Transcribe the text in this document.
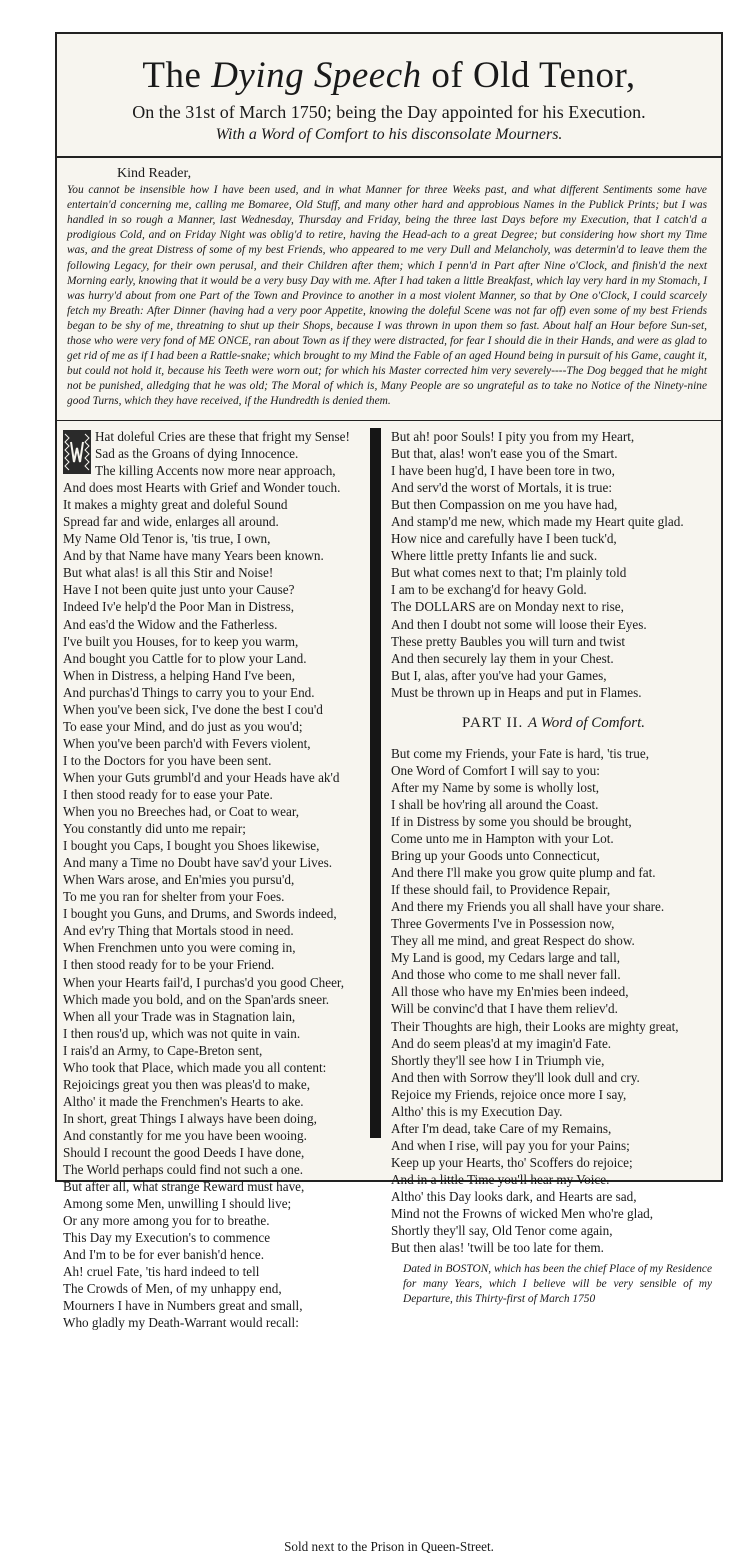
The Dying Speech of Old Tenor,
On the 31st of March 1750; being the Day appointed for his Execution.
With a Word of Comfort to his disconsolate Mourners.
Kind Reader,
You cannot be insensible how I have been used, and in what Manner for three Weeks past, and what different Sentiments some have entertain'd concerning me, calling me Bomaree, Old Stuff, and many other hard and approbious Names in the Publick Prints; but I was handled in so rough a Manner, last Wednesday, Thursday and Friday, being the three last Days before my Execution, that I catch'd a prodigious Cold, and on Friday Night was oblig'd to retire, having the Head-ach to a great Degree; but considering how short my Time was, and the great Distress of some of my best Friends, who appeared to me very Dull and Melancholy, was determin'd to leave them the following Legacy, for their own perusal, and their Children after them; which I penn'd in Part after Nine o'Clock, and finish'd the next Morning early, knowing that it would be a very busy Day with me. After I had taken a little Breakfast, which lay very hard in my Stomach, I was hurry'd about from one Part of the Town and Province to another in a most violent Manner, so that by One o'Clock, I could scarcely fetch my Breath: After Dinner (having had a very poor Appetite, knowing the doleful Scene was not far off) even some of my best Friends began to be shy of me, threatning to shut up their Shops, because I was thrown in upon them so fast. About half an Hour before Sun-set, those who were very fond of ME ONCE, ran about Town as if they were distracted, for fear I should die in their Hands, and were as glad to get rid of me as if I had been a Rattle-snake; which brought to my Mind the Fable of an aged Hound being in pursuit of his Game, caught it, but could not hold it, because his Teeth were worn out; for which his Master corrected him very severely----The Dog begged that he might not be punished, alledging that he was old; The Moral of which is, Many People are so ungrateful as to take no Notice of the Ninety-nine good Turns, which they have received, if the Hundredth is denied them.
Hat doleful Cries are these that fright my Sense!
Sad as the Groans of dying Innocence.
The killing Accents now more near approach,
And does most Hearts with Grief and Wonder touch.
It makes a mighty great and doleful Sound
Spread far and wide, enlarges all around.
My Name Old Tenor is, 'tis true, I own,
And by that Name have many Years been known.
But what alas! is all this Stir and Noise!
Have I not been quite just unto your Cause?
Indeed Iv'e help'd the Poor Man in Distress,
And eas'd the Widow and the Fatherless.
I've built you Houses, for to keep you warm,
And bought you Cattle for to plow your Land.
When in Distress, a helping Hand I've been,
And purchas'd Things to carry you to your End.
When you've been sick, I've done the best I cou'd
To ease your Mind, and do just as you wou'd;
When you've been parch'd with Fevers violent,
I to the Doctors for you have been sent.
When your Guts grumbl'd and your Heads have ak'd
I then stood ready for to ease your Pate.
When you no Breeches had, or Coat to wear,
You constantly did unto me repair;
I bought you Caps, I bought you Shoes likewise,
And many a Time no Doubt have sav'd your Lives.
When Wars arose, and En'mies you pursu'd,
To me you ran for shelter from your Foes.
I bought you Guns, and Drums, and Swords indeed,
And ev'ry Thing that Mortals stood in need.
When Frenchmen unto you were coming in,
I then stood ready for to be your Friend.
When your Hearts fail'd, I purchas'd you good Cheer,
Which made you bold, and on the Span'ards sneer.
When all your Trade was in Stagnation lain,
I then rous'd up, which was not quite in vain.
I rais'd an Army, to Cape-Breton sent,
Who took that Place, which made you all content:
Rejoicings great you then was pleas'd to make,
Altho' it made the Frenchmen's Hearts to ake.
In short, great Things I always have been doing,
And constantly for me you have been wooing.
Should I recount the good Deeds I have done,
The World perhaps could find not such a one.
But after all, what strange Reward must have,
Among some Men, unwilling I should live;
Or any more among you for to breathe.
This Day my Execution's to commence
And I'm to be for ever banish'd hence.
Ah! cruel Fate, 'tis hard indeed to tell
The Crowds of Men, of my unhappy end,
Mourners I have in Numbers great and small,
Who gladly my Death-Warrant would recall:
But ah! poor Souls! I pity you from my Heart,
But that, alas! won't ease you of the Smart.
I have been hug'd, I have been tore in two,
And serv'd the worst of Mortals, it is true:
But then Compassion on me you have had,
And stamp'd me new, which made my Heart quite glad.
How nice and carefully have I been tuck'd,
Where little pretty Infants lie and suck.
But what comes next to that; I'm plainly told
I am to be exchang'd for heavy Gold.
The DOLLARS are on Monday next to rise,
And then I doubt not some will loose their Eyes.
These pretty Baubles you will turn and twist
And then securely lay them in your Chest.
But I, alas, after you've had your Games,
Must be thrown up in Heaps and put in Flames.
PART II. A Word of Comfort.
But come my Friends, your Fate is hard, 'tis true,
One Word of Comfort I will say to you:
After my Name by some is wholly lost,
I shall be hov'ring all around the Coast.
If in Distress by some you should be brought,
Come unto me in Hampton with your Lot.
Bring up your Goods unto Connecticut,
And there I'll make you grow quite plump and fat.
If these should fail, to Providence Repair,
And there my Friends you all shall have your share.
Three Goverments I've in Possession now,
They all me mind, and great Respect do show.
My Land is good, my Cedars large and tall,
And those who come to me shall never fall.
All those who have my En'mies been indeed,
Will be convinc'd that I have them reliev'd.
Their Thoughts are high, their Looks are mighty great,
And do seem pleas'd at my imagin'd Fate.
Shortly they'll see how I in Triumph vie,
And then with Sorrow they'll look dull and cry.
Rejoice my Friends, rejoice once more I say,
Altho' this is my Execution Day.
After I'm dead, take Care of my Remains,
And when I rise, will pay you for your Pains;
Keep up your Hearts, tho' Scoffers do rejoice;
And in a little Time you'll hear my Voice.
Altho' this Day looks dark, and Hearts are sad,
Mind not the Frowns of wicked Men who're glad,
Shortly they'll say, Old Tenor come again,
But then alas! 'twill be too late for them.
Dated in BOSTON, which has been the chief Place of my Residence for many Years, which I believe will be very sensible of my Departure, this Thirty-first of March 1750
Sold next to the Prison in Queen-Street.
